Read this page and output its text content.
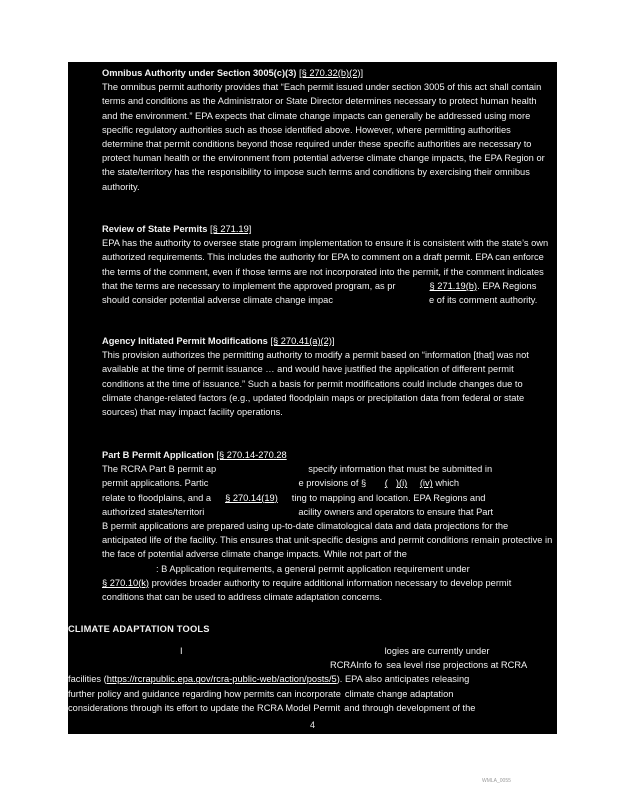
Omnibus Authority under Section 3005(c)(3) [§ 270.32(b)(2)]

The omnibus permit authority provides that “Each permit issued under section 3005 of this act shall contain terms and conditions as the Administrator or State Director determines necessary to protect human health and the environment.” EPA expects that climate change impacts can generally be addressed using more specific regulatory authorities such as those identified above. However, where permitting authorities determine that permit conditions beyond those required under these specific authorities are necessary to protect human health or the environment from potential adverse climate change impacts, the EPA Region or the state/territory has the responsibility to impose such terms and conditions by exercising their omnibus authority.

Review of State Permits [§ 271.19]

EPA has the authority to oversee state program implementation to ensure it is consistent with the state’s own authorized requirements. This includes the authority for EPA to comment on a draft permit. EPA can enforce the terms of the comment, even if those terms are not incorporated into the permit, if the comment indicates that the terms are necessary to implement the approved program, as pr	§ 271.19(b). EPA Regions should consider potential adverse climate change impac	e of its comment authority.

Agency Initiated Permit Modifications [§ 270.41(a)(2)]

This provision authorizes the permitting authority to modify a permit based on “information [that] was not available at the time of permit issuance … and would have justified the application of different permit conditions at the time of issuance.” Such a basis for permit modifications could include changes due to climate change-related factors (e.g., updated floodplain maps or precipitation data from federal or state sources) that may impact facility operations.

Part B Permit Application [§ 270.14-270.28

The RCRA Part B permit ap	specify information that must be submitted in

permit applications. Partic	e provisions of § ( )(i) (iv) which

relate to floodplains, and a § 270.14(19) ting to mapping and location. EPA Regions and

authorized states/territori	acility owners and operators to ensure that Part

B permit applications are prepared using up-to-date climatological data and data projections for the anticipated life of the facility. This ensures that unit-specific designs and permit conditions remain protective in the face of potential adverse climate change impacts. While not part of the

: B Application requirements, a general permit application requirement under

§ 270.10(k) provides broader authority to require additional information necessary to develop permit conditions that can be used to address climate adaptation concerns.

CLIMATE ADAPTATION TOOLS
I	logies are currently under
RCRAInfo fo sea level rise projections at RCRA
facilities (https://rcrapublic.epa.gov/rcra-public-web/action/posts/5). EPA also anticipates releasing
further policy and guidance regarding how permits can incorporate climate change adaptation
considerations through its effort to update the RCRA Model Permit and through development of the
4
WMLA_0055
